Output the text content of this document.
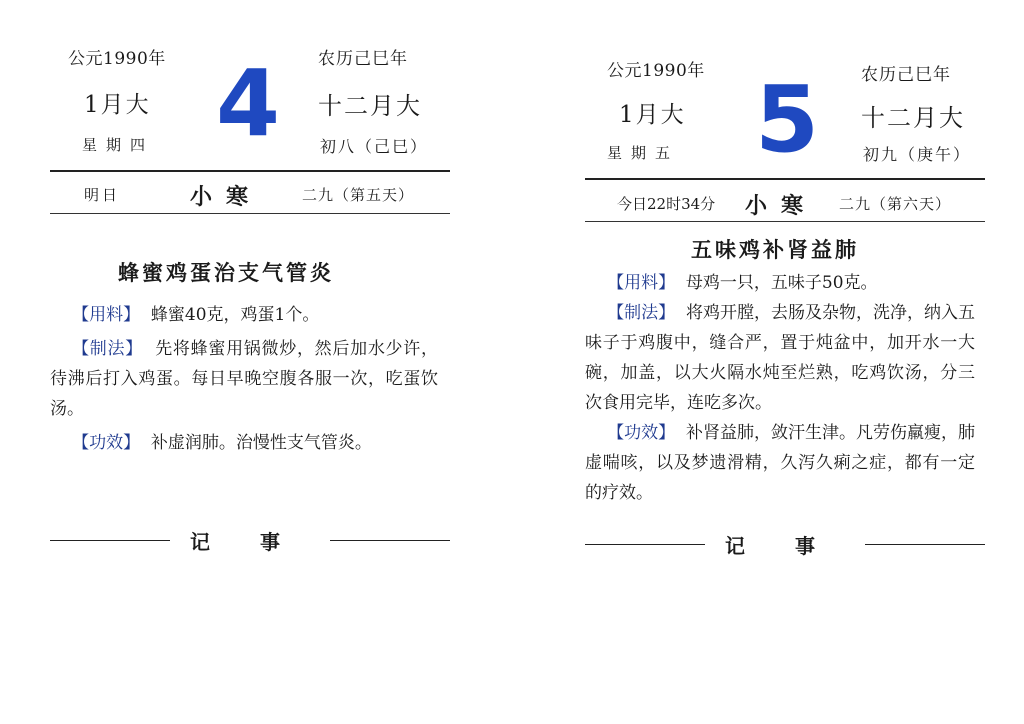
公元1990年
1月大
星期四 4 农历己巳年
十二月大
初八（己巳）
明日	小寒	二九（第五天）
蜂蜜鸡蛋治支气管炎

【用料】 蜂蜜40克，鸡蛋1个。

【制法】 先将蜂蜜用锅微炒，然后加水少许，待沸后打入鸡蛋。每日早晚空腹各服一次，吃蛋饮汤。

【功效】 补虚润肺。治慢性支气管炎。

记事
公元1990年
1月大
星期五 5 农历己巳年
十二月大
初九（庚午）
今日22时34分 小寒 二九（第六天）
五味鸡补肾益肺

【用料】 母鸡一只，五味子50克。

【制法】 将鸡开膛，去肠及杂物，洗净，纳入五味子于鸡腹中，缝合严，置于炖盆中，加开水一大碗，加盖，以大火隔水炖至烂熟，吃鸡饮汤，分三次食用完毕，连吃多次。

【功效】 补肾益肺，敛汗生津。凡劳伤羸瘦，肺虚喘咳，以及梦遗滑精，久泻久痢之症，都有一定的疗效。

记事
